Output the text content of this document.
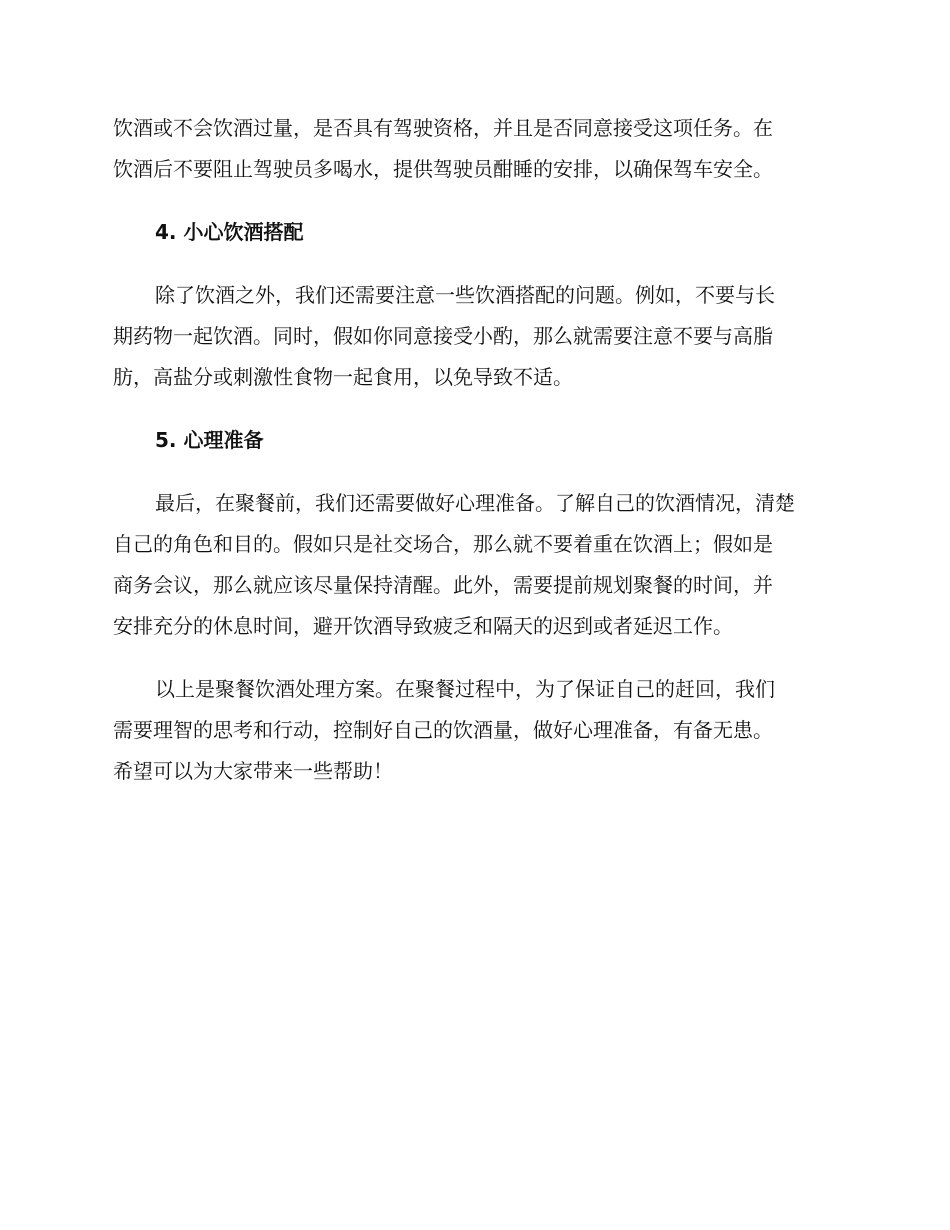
饮酒或不会饮酒过量，是否具有驾驶资格，并且是否同意接受这项任务。在
饮酒后不要阻止驾驶员多喝水，提供驾驶员酣睡的安排，以确保驾车安全。
4. 小心饮酒搭配
除了饮酒之外，我们还需要注意一些饮酒搭配的问题。例如，不要与长
期药物一起饮酒。同时，假如你同意接受小酌，那么就需要注意不要与高脂
肪，高盐分或刺激性食物一起食用，以免导致不适。
5. 心理准备
最后，在聚餐前，我们还需要做好心理准备。了解自己的饮酒情况，清楚
自己的角色和目的。假如只是社交场合，那么就不要着重在饮酒上；假如是
商务会议，那么就应该尽量保持清醒。此外，需要提前规划聚餐的时间，并
安排充分的休息时间，避开饮酒导致疲乏和隔天的迟到或者延迟工作。
以上是聚餐饮酒处理方案。在聚餐过程中，为了保证自己的赶回，我们
需要理智的思考和行动，控制好自己的饮酒量，做好心理准备，有备无患。
希望可以为大家带来一些帮助！
